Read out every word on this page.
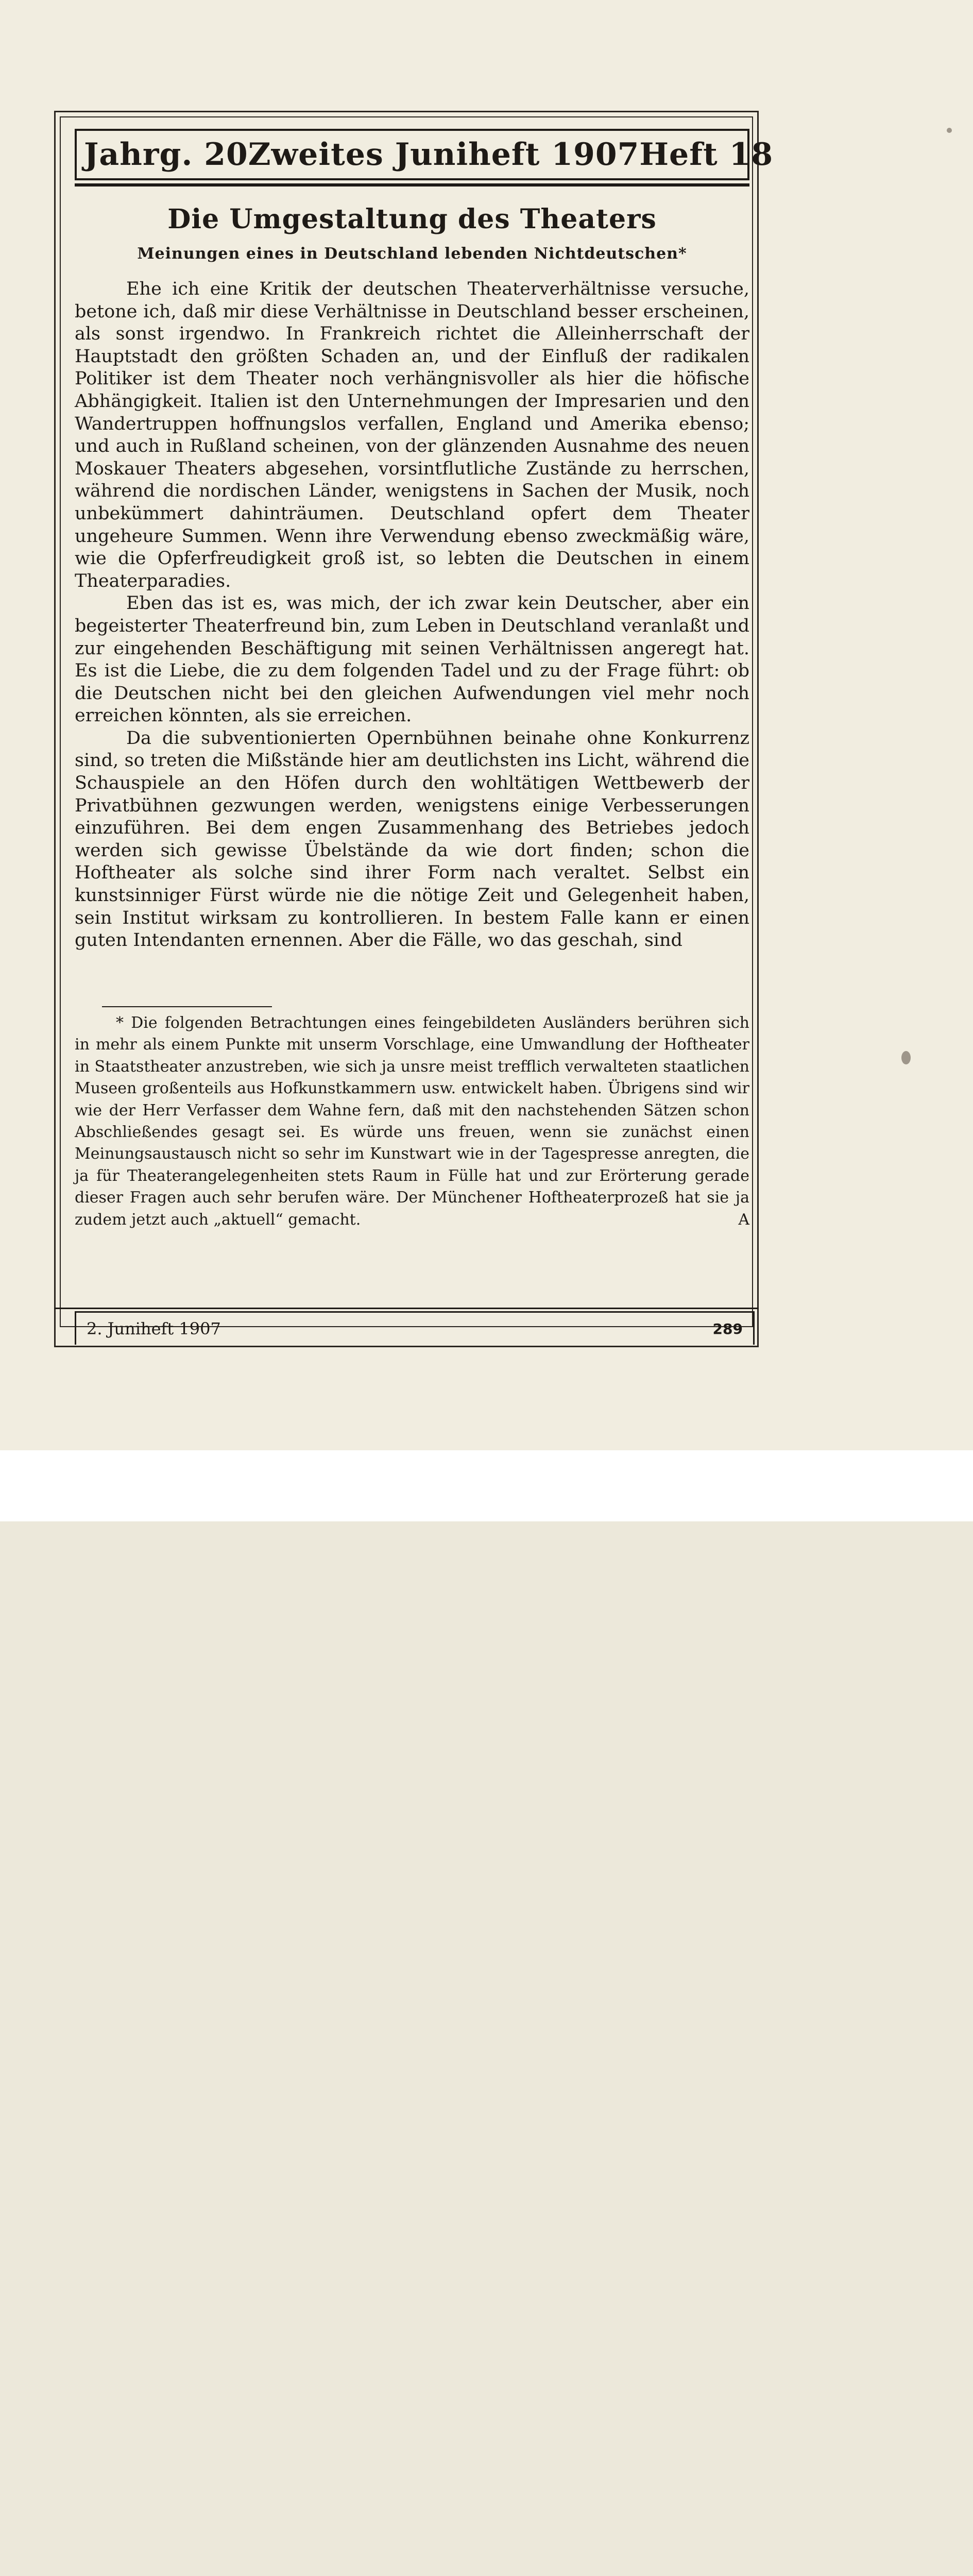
Jahrg. 20 Zweites Juniheft 1907 Heft 18
Die Umgestaltung des Theaters
Meinungen eines in Deutschland lebenden Nichtdeutschen*

Ehe ich eine Kritik der deutschen Theaterverhältnisse versuche, betone ich, daß mir diese Verhältnisse in Deutschland besser erscheinen, als sonst irgendwo. In Frankreich richtet die Alleinherrschaft der Hauptstadt den größten Schaden an, und der Einfluß der radikalen Politiker ist dem Theater noch verhängnisvoller als hier die höfische Abhängigkeit. Italien ist den Unternehmungen der Impresarien und den Wandertruppen hoffnungslos verfallen, England und Amerika ebenso; und auch in Rußland scheinen, von der glänzenden Ausnahme des neuen Moskauer Theaters abgesehen, vorsintflutliche Zustände zu herrschen, während die nordischen Länder, wenigstens in Sachen der Musik, noch unbekümmert dahinträumen. Deutschland opfert dem Theater ungeheure Summen. Wenn ihre Verwendung ebenso zweckmäßig wäre, wie die Opferfreudigkeit groß ist, so lebten die Deutschen in einem Theaterparadies.

Eben das ist es, was mich, der ich zwar kein Deutscher, aber ein begeisterter Theaterfreund bin, zum Leben in Deutschland veranlaßt und zur eingehenden Beschäftigung mit seinen Verhältnissen angeregt hat. Es ist die Liebe, die zu dem folgenden Tadel und zu der Frage führt: ob die Deutschen nicht bei den gleichen Aufwendungen viel mehr noch erreichen könnten, als sie erreichen.

Da die subventionierten Opernbühnen beinahe ohne Konkurrenz sind, so treten die Mißstände hier am deutlichsten ins Licht, während die Schauspiele an den Höfen durch den wohltätigen Wettbewerb der Privatbühnen gezwungen werden, wenigstens einige Verbesserungen einzuführen. Bei dem engen Zusammenhang des Betriebes jedoch werden sich gewisse Übelstände da wie dort finden; schon die Hoftheater als solche sind ihrer Form nach veraltet. Selbst ein kunstsinniger Fürst würde nie die nötige Zeit und Gelegenheit haben, sein Institut wirksam zu kontrollieren. In bestem Falle kann er einen guten Intendanten ernennen. Aber die Fälle, wo das geschah, sind

* Die folgenden Betrachtungen eines feingebildeten Ausländers berühren sich in mehr als einem Punkte mit unserm Vorschlage, eine Umwandlung der Hoftheater in Staatstheater anzustreben, wie sich ja unsre meist trefflich verwalteten staatlichen Museen großenteils aus Hofkunstkammern usw. entwickelt haben. Übrigens sind wir wie der Herr Verfasser dem Wahne fern, daß mit den nachstehenden Sätzen schon Abschließendes gesagt sei. Es würde uns freuen, wenn sie zunächst einen Meinungsaustausch nicht so sehr im Kunstwart wie in der Tagespresse anregten, die ja für Theaterangelegenheiten stets Raum in Fülle hat und zur Erörterung gerade dieser Fragen auch sehr berufen wäre. Der Münchener Hoftheaterprozeß hat sie ja zudem jetzt auch „aktuell“ gemacht.	A

2. Juniheft 1907	289
